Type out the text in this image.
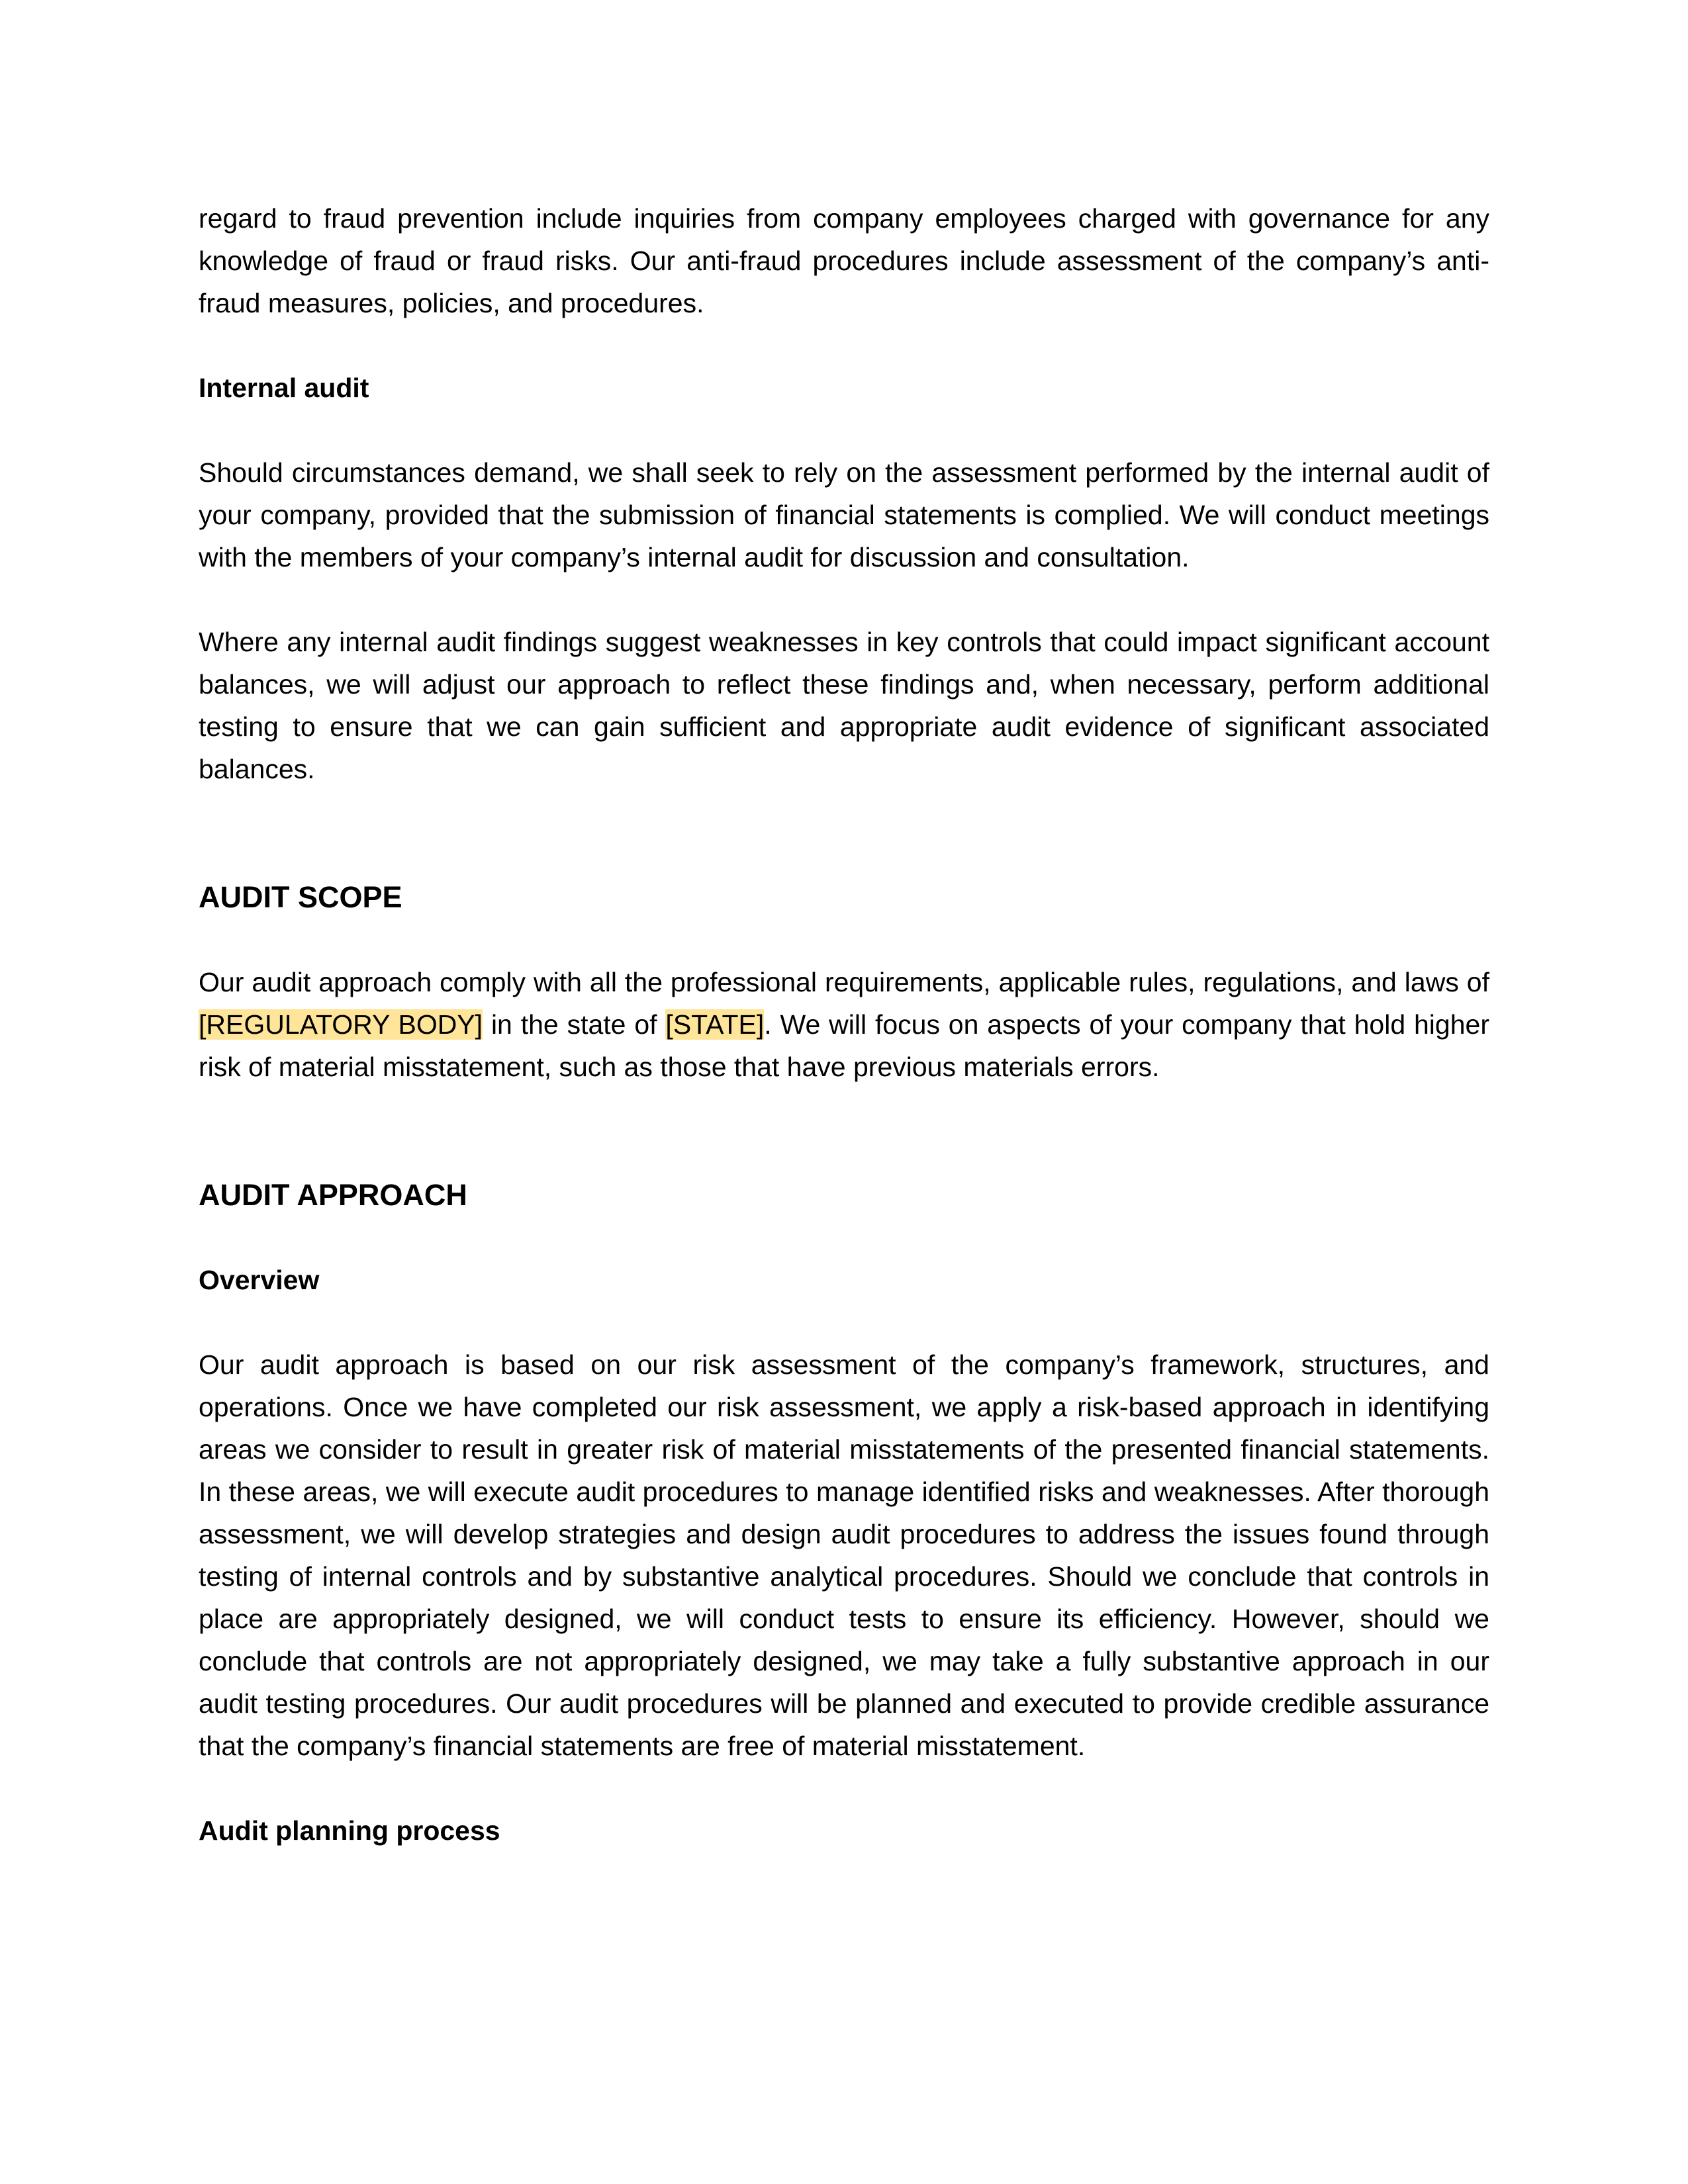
regard to fraud prevention include inquiries from company employees charged with governance for any knowledge of fraud or fraud risks. Our anti-fraud procedures include assessment of the company’s anti-fraud measures, policies, and procedures.

Internal audit

Should circumstances demand, we shall seek to rely on the assessment performed by the internal audit of your company, provided that the submission of financial statements is complied. We will conduct meetings with the members of your company’s internal audit for discussion and consultation.

Where any internal audit findings suggest weaknesses in key controls that could impact significant account balances, we will adjust our approach to reflect these findings and, when necessary, perform additional testing to ensure that we can gain sufficient and appropriate audit evidence of significant associated balances.

AUDIT SCOPE

Our audit approach comply with all the professional requirements, applicable rules, regulations, and laws of [REGULATORY BODY] in the state of [STATE]. We will focus on aspects of your company that hold higher risk of material misstatement, such as those that have previous materials errors.

AUDIT APPROACH

Overview

Our audit approach is based on our risk assessment of the company’s framework, structures, and operations. Once we have completed our risk assessment, we apply a risk-based approach in identifying areas we consider to result in greater risk of material misstatements of the presented financial statements. In these areas, we will execute audit procedures to manage identified risks and weaknesses. After thorough assessment, we will develop strategies and design audit procedures to address the issues found through testing of internal controls and by substantive analytical procedures. Should we conclude that controls in place are appropriately designed, we will conduct tests to ensure its efficiency. However, should we conclude that controls are not appropriately designed, we may take a fully substantive approach in our audit testing procedures. Our audit procedures will be planned and executed to provide credible assurance that the company’s financial statements are free of material misstatement.

Audit planning process
